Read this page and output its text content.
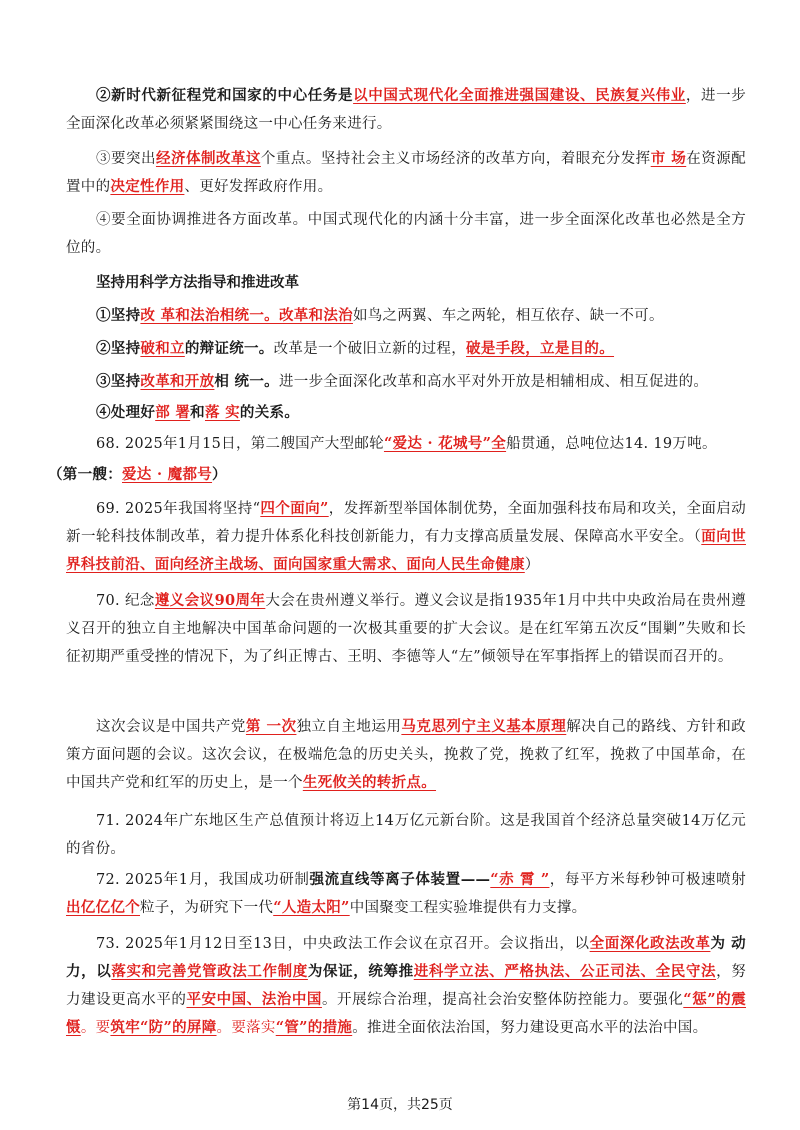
②新时代新征程党和国家的中心任务是以中国式现代化全面推进强国建设、民族复兴伟业，进一步全面深化改革必须紧紧围绕这一中心任务来进行。

③要突出经济体制改革这个重点。坚持社会主义市场经济的改革方向，着眼充分发挥市 场在资源配置中的决定性作用、更好发挥政府作用。

④要全面协调推进各方面改革。中国式现代化的内涵十分丰富，进一步全面深化改革也必然是全方位的。

坚持用科学方法指导和推进改革

①坚持改 革和法治相统一。改革和法治如鸟之两翼、车之两轮，相互依存、缺一不可。

②坚持破和立的辩证统一。改革是一个破旧立新的过程，破是手段，立是目的。

③坚持改革和开放相 统一。进一步全面深化改革和高水平对外开放是相辅相成、相互促进的。

④处理好部 署和落 实的关系。

68. 2025年1月15日，第二艘国产大型邮轮“爱达 · 花城号”全船贯通，总吨位达14. 19万吨。

（第一艘：爱达 · 魔都号）

69. 2025年我国将坚持“四个面向”，发挥新型举国体制优势，全面加强科技布局和攻关，全面启动新一轮科技体制改革，着力提升体系化科技创新能力，有力支撑高质量发展、保障高水平安全。（面向世界科技前沿、面向经济主战场、面向国家重大需求、面向人民生命健康）

70. 纪念遵义会议90周年大会在贵州遵义举行。遵义会议是指1935年1月中共中央政治局在贵州遵义召开的独立自主地解决中国革命问题的一次极其重要的扩大会议。是在红军第五次反“围剿”失败和长征初期严重受挫的情况下，为了纠正博古、王明、李德等人“左”倾领导在军事指挥上的错误而召开的。

这次会议是中国共产党第 一次独立自主地运用马克思列宁主义基本原理解决自己的路线、方针和政策方面问题的会议。这次会议，在极端危急的历史关头，挽救了党，挽救了红军，挽救了中国革命，在中国共产党和红军的历史上，是一个生死攸关的转折点。

71. 2024年广东地区生产总值预计将迈上14万亿元新台阶。这是我国首个经济总量突破14万亿元的省份。

72. 2025年1月，我国成功研制强流直线等离子体装置——“赤 霄 ”，每平方米每秒钟可极速喷射出亿亿亿个粒子，为研究下一代“人造太阳”中国聚变工程实验堆提供有力支撑。

73. 2025年1月12日至13日，中央政法工作会议在京召开。会议指出，以全面深化政法改革为 动力，以落实和完善党管政法工作制度为保证，统筹推进科学立法、严格执法、公正司法、全民守法，努力建设更高水平的平安中国、法治中国。开展综合治理，提高社会治安整体防控能力。要强化“惩”的震慑。要筑牢“防”的屏障。要落实“管”的措施。推进全面依法治国，努力建设更高水平的法治中国。

第14页，共25页
